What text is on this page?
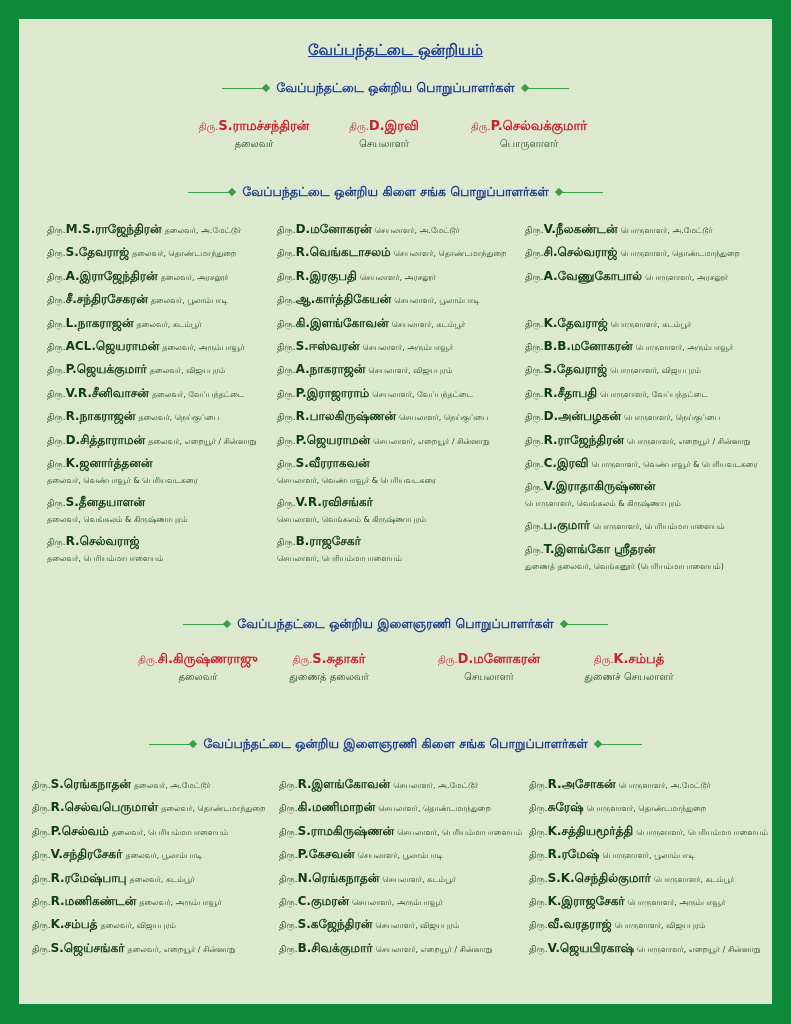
வேப்பந்தட்டை ஒன்றியம்
வேப்பந்தட்டை ஒன்றிய பொறுப்பாளர்கள்
திரு.S.ராமச்சந்திரன்
தலைவர்
திரு.D.இரவி
செயலாளர்
திரு.P.செல்வக்குமார்
பொருளாளர்
வேப்பந்தட்டை ஒன்றிய கிளை சங்க பொறுப்பாளர்கள்
திரு.M.S.ராஜேந்திரன் தலைவர், அ.மேட்டூர்
திரு.S.தேவராஜ் தலைவர், தொண்டமாந்துறை
திரு.A.இராஜேந்திரன் தலைவர், அரசலூர்
திரு.சீ.சந்திரசேகரன் தலைவர், பூலாம்பாடி
திரு.L.நாகராஜன் தலைவர், கடம்பூர்
திரு.ACL.ஜெயராமன் தலைவர், அரும்பாவூர்
திரு.P.ஜெயக்குமார் தலைவர், விஜயபுரம்
திரு.V.R.சீனிவாசன் தலைவர், வேப்பந்தட்டை
திரு.R.நாகராஜன் தலைவர், நெய்குப்பை
திரு.D.சித்தாராமன் தலைவர், எறையூர் / சின்னாறு
திரு.K.ஜனார்த்தனன்
தலைவர், வெண்பாவூர் & பெரியவடகரை
திரு.S.தீனதயாளன்
தலைவர், வெங்கலம் & கிருஷ்ணாபுரம்
திரு.R.செல்வராஜ்
தலைவர், பெரியம்மாபாளையம்
திரு.D.மனோகரன் செயலாளர், அ.மேட்டூர்
திரு.R.வெங்கடாசலம் செயலாளர், தொண்டமாந்துறை
திரு.R.இரகுபதி செயலாளர், அரசலூர்
திரு.ஆ.கார்த்திகேயன் செயலாளர், பூலாம்பாடி
திரு.கி.இளங்கோவன் செயலாளர், கடம்பூர்
திரு.S.ஈஸ்வரன் செயலாளர், அரும்பாவூர்
திரு.A.நாகராஜன் செயலாளர், விஜயபுரம்
திரு.P.இராஜாராம் செயலாளர், வேப்பந்தட்டை
திரு.R.பாலகிருஷ்ணன் செயலாளர், நெய்குப்பை
திரு.P.ஜெயராமன் செயலாளர், எறையூர் / சின்னாறு
திரு.S.வீரராகவன்
செயலாளர், வெண்பாவூர் & பெரியவடகரை
திரு.V.R.ரவிசங்கர்
செயலாளர், வெங்கலம் & கிருஷ்ணாபுரம்
திரு.B.ராஜசேகர்
செயலாளர், பெரியம்மாபாளையம்
திரு.V.நீலகண்டன் பொருளாளர், அ.மேட்டூர்
திரு.சி.செல்வராஜ் பொருளாளர், தொண்டமாந்துறை
திரு.A.வேணுகோபால் பொருளாளர், அரசலூர்
திரு.K.தேவராஜ் பொருளாளர், கடம்பூர்
திரு.B.B.மனோகரன் பொருளாளர், அரும்பாவூர்
திரு.S.தேவராஜ் பொருளாளர், விஜயபுரம்
திரு.R.சீதாபதி பொருளாளர், வேப்பந்தட்டை
திரு.D.அன்பழகன் பொருளாளர், நெய்குப்பை
திரு.R.ராஜேந்திரன் பொருளாளர், எறையூர் / சின்னாறு
திரு.C.இரவி பொருளாளர், வெண்பாவூர் & பெரியவடகரை
திரு.V.இராதாகிருஷ்ணன்
பொருளாளர், வெங்கலம் & கிருஷ்ணாபுரம்
திரு.ப.குமார் பொருளாளர், பெரியம்மாபாளையம்
திரு.T.இளங்கோ ஸ்ரீதரன்
துணைத் தலைவர், வெங்கனூர் (பெரியம்மாபாளையம்)
வேப்பந்தட்டை ஒன்றிய இளைஞரணி பொறுப்பாளர்கள்
திரு.சி.கிருஷ்ணராஜு
தலைவர்
திரு.S.சுதாகர்
துணைத் தலைவர்
திரு.D.மனோகரன்
செயலாளர்
திரு.K.சம்பத்
துணைச் செயலாளர்
வேப்பந்தட்டை ஒன்றிய இளைஞரணி கிளை சங்க பொறுப்பாளர்கள்
திரு.S.ரெங்கநாதன் தலைவர், அ.மேட்டூர்
திரு.R.செல்வபெருமாள் தலைவர், தொண்டமாந்துறை
திரு.P.செல்வம் தலைவர், பெரியம்மாபாளையம்
திரு.V.சந்திரசேகர் தலைவர், பூலாம்பாடி
திரு.R.ரமேஷ்பாபு தலைவர், கடம்பூர்
திரு.R.மணிகண்டன் தலைவர், அரும்பாவூர்
திரு.K.சம்பத் தலைவர், விஜயபுரம்
திரு.S.ஜெய்சங்கர் தலைவர், எறையூர் / சின்னாறு
திரு.R.இளங்கோவன் செயலாளர், அ.மேட்டூர்
திரு.கி.மணிமாறன் செயலாளர், தொண்டமாந்துறை
திரு.S.ராமகிருஷ்ணன் செயலாளர், பெரியம்மாபாளையம்
திரு.P.கேசவன் செயலாளர், பூலாம்பாடி
திரு.N.ரெங்கநாதன் செயலாளர், கடம்பூர்
திரு.C.குமரன் செயலாளர், அரும்பாவூர்
திரு.S.கஜேந்திரன் செயலாளர், விஜயபுரம்
திரு.B.சிவக்குமார் செயலாளர், எறையூர் / சின்னாறு
திரு.R.அசோகன் பொருளாளர், அ.மேட்டூர்
திரு.சுரேஷ் பொருளாளர், தொண்டமாந்துறை
திரு.K.சத்தியமூர்த்தி பொருளாளர், பெரியம்மாபாளையம்
திரு.R.ரமேஷ் பொருளாளர், பூலாம்பாடி
திரு.S.K.செந்தில்குமார் பொருளாளர், கடம்பூர்
திரு.K.இராஜசேகர் பொருளாளர், அரும்பாவூர்
திரு.வீ.வரதராஜ் பொருளாளர், விஜயபுரம்
திரு.V.ஜெயபிரகாஷ் பொருளாளர், எறையூர் / சின்னாறு
